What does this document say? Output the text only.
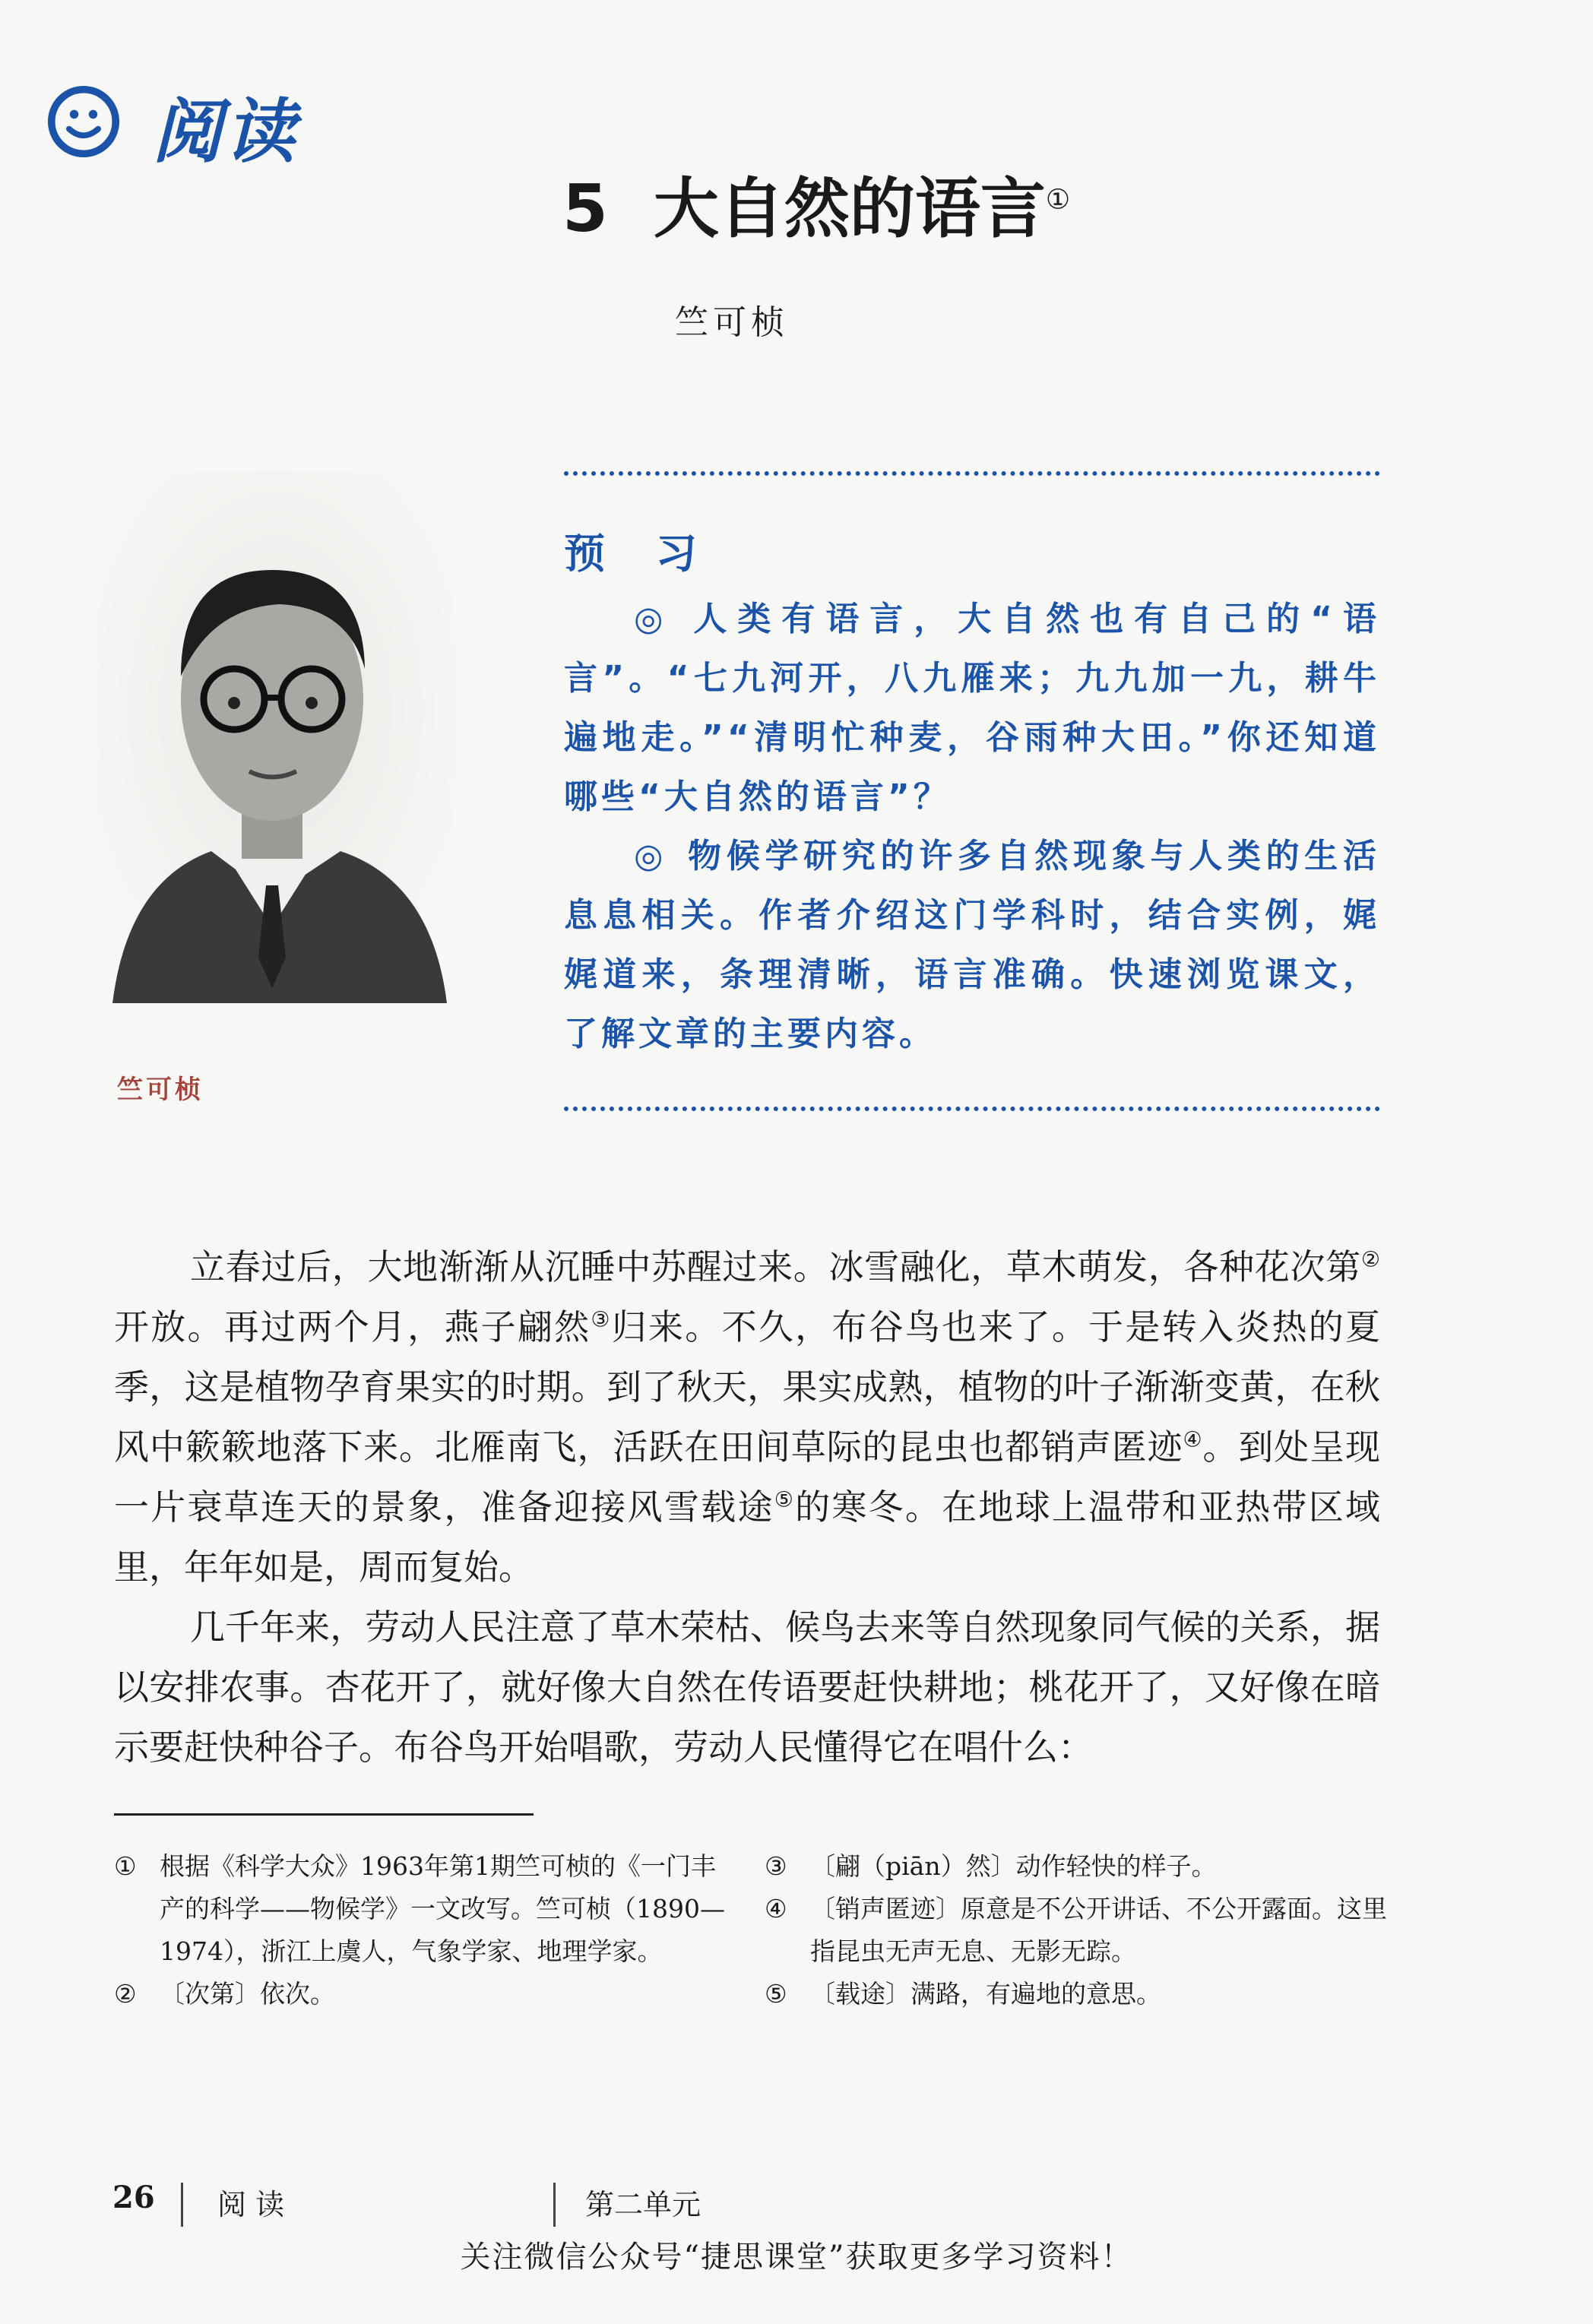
阅读
5 大自然的语言①
竺可桢
竺可桢
预 习

◎ 人类有语言，大自然也有自己的“语言”。“七九河开，八九雁来；九九加一九，耕牛遍地走。”“清明忙种麦，谷雨种大田。”你还知道哪些“大自然的语言”？

◎ 物候学研究的许多自然现象与人类的生活息息相关。作者介绍这门学科时，结合实例，娓娓道来，条理清晰，语言准确。快速浏览课文，了解文章的主要内容。

立春过后，大地渐渐从沉睡中苏醒过来。冰雪融化，草木萌发，各种花次第②开放。再过两个月，燕子翩然③归来。不久，布谷鸟也来了。于是转入炎热的夏季，这是植物孕育果实的时期。到了秋天，果实成熟，植物的叶子渐渐变黄，在秋风中簌簌地落下来。北雁南飞，活跃在田间草际的昆虫也都销声匿迹④。到处呈现一片衰草连天的景象，准备迎接风雪载途⑤的寒冬。在地球上温带和亚热带区域里，年年如是，周而复始。

几千年来，劳动人民注意了草木荣枯、候鸟去来等自然现象同气候的关系，据以安排农事。杏花开了，就好像大自然在传语要赶快耕地；桃花开了，又好像在暗示要赶快种谷子。布谷鸟开始唱歌，劳动人民懂得它在唱什么：

① 根据《科学大众》1963年第1期竺可桢的《一门丰产的科学——物候学》一文改写。竺可桢（1890—1974），浙江上虞人，气象学家、地理学家。
② 〔次第〕依次。
③ 〔翩（piān）然〕动作轻快的样子。
④ 〔销声匿迹〕原意是不公开讲话、不公开露面。这里指昆虫无声无息、无影无踪。
⑤ 〔载途〕满路，有遍地的意思。
26 阅读	第二单元
关注微信公众号“捷思课堂”获取更多学习资料！
